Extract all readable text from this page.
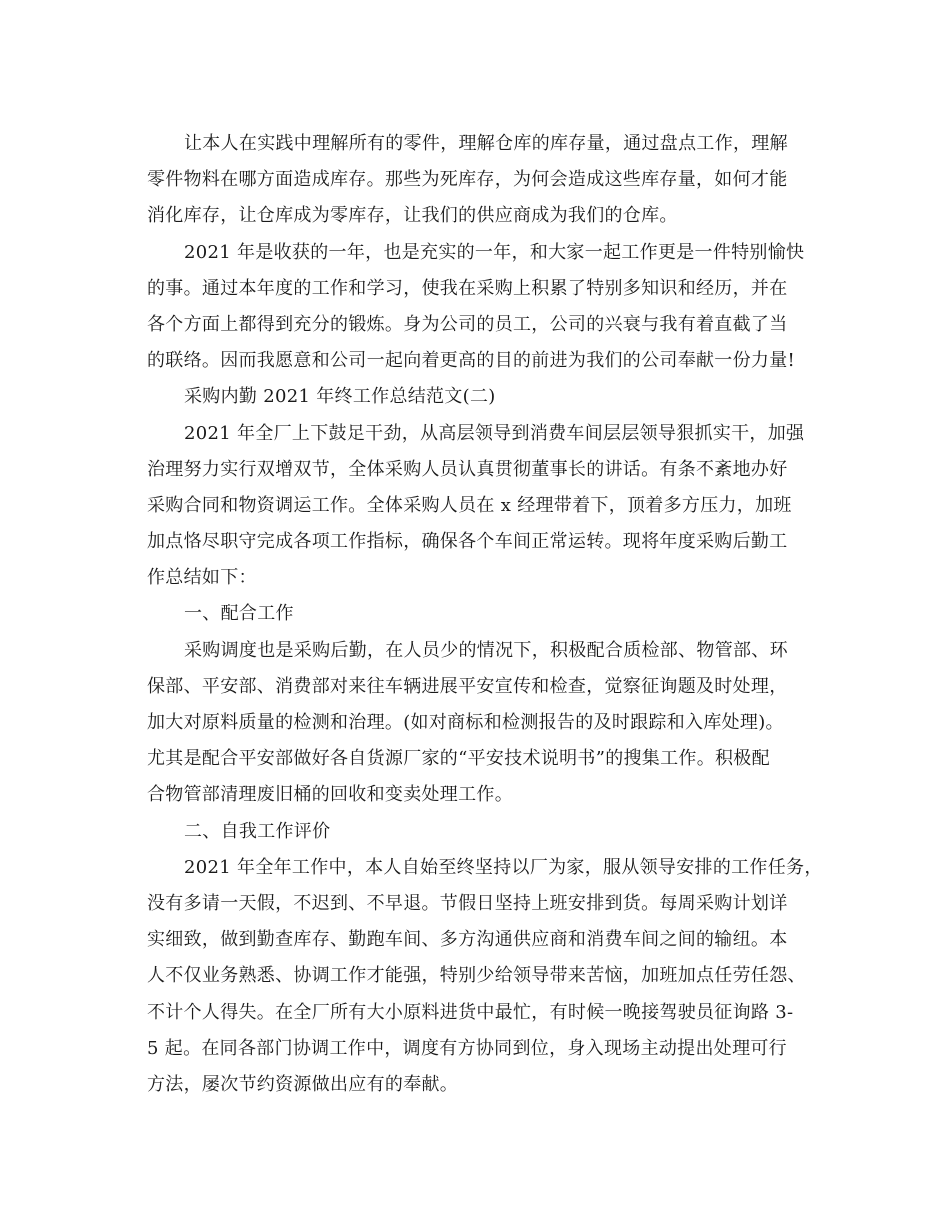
让本人在实践中理解所有的零件，理解仓库的库存量，通过盘点工作，理解
零件物料在哪方面造成库存。那些为死库存，为何会造成这些库存量，如何才能
消化库存，让仓库成为零库存，让我们的供应商成为我们的仓库。
2021 年是收获的一年，也是充实的一年，和大家一起工作更是一件特别愉快
的事。通过本年度的工作和学习，使我在采购上积累了特别多知识和经历，并在
各个方面上都得到充分的锻炼。身为公司的员工，公司的兴衰与我有着直截了当
的联络。因而我愿意和公司一起向着更高的目的前进为我们的公司奉献一份力量!
采购内勤 2021 年终工作总结范文(二)
2021 年全厂上下鼓足干劲，从高层领导到消费车间层层领导狠抓实干，加强
治理努力实行双增双节，全体采购人员认真贯彻董事长的讲话。有条不紊地办好
采购合同和物资调运工作。全体采购人员在 x 经理带着下，顶着多方压力，加班
加点恪尽职守完成各项工作指标，确保各个车间正常运转。现将年度采购后勤工
作总结如下：
一、配合工作
采购调度也是采购后勤，在人员少的情况下，积极配合质检部、物管部、环
保部、平安部、消费部对来往车辆进展平安宣传和检查，觉察征询题及时处理，
加大对原料质量的检测和治理。(如对商标和检测报告的及时跟踪和入库处理)。
尤其是配合平安部做好各自货源厂家的“平安技术说明书”的搜集工作。积极配
合物管部清理废旧桶的回收和变卖处理工作。
二、自我工作评价
2021 年全年工作中，本人自始至终坚持以厂为家，服从领导安排的工作任务，
没有多请一天假，不迟到、不早退。节假日坚持上班安排到货。每周采购计划详
实细致，做到勤查库存、勤跑车间、多方沟通供应商和消费车间之间的输纽。本
人不仅业务熟悉、协调工作才能强，特别少给领导带来苦恼，加班加点任劳任怨、
不计个人得失。在全厂所有大小原料进货中最忙，有时候一晚接驾驶员征询路 3-
5 起。在同各部门协调工作中，调度有方协同到位，身入现场主动提出处理可行
方法，屡次节约资源做出应有的奉献。
